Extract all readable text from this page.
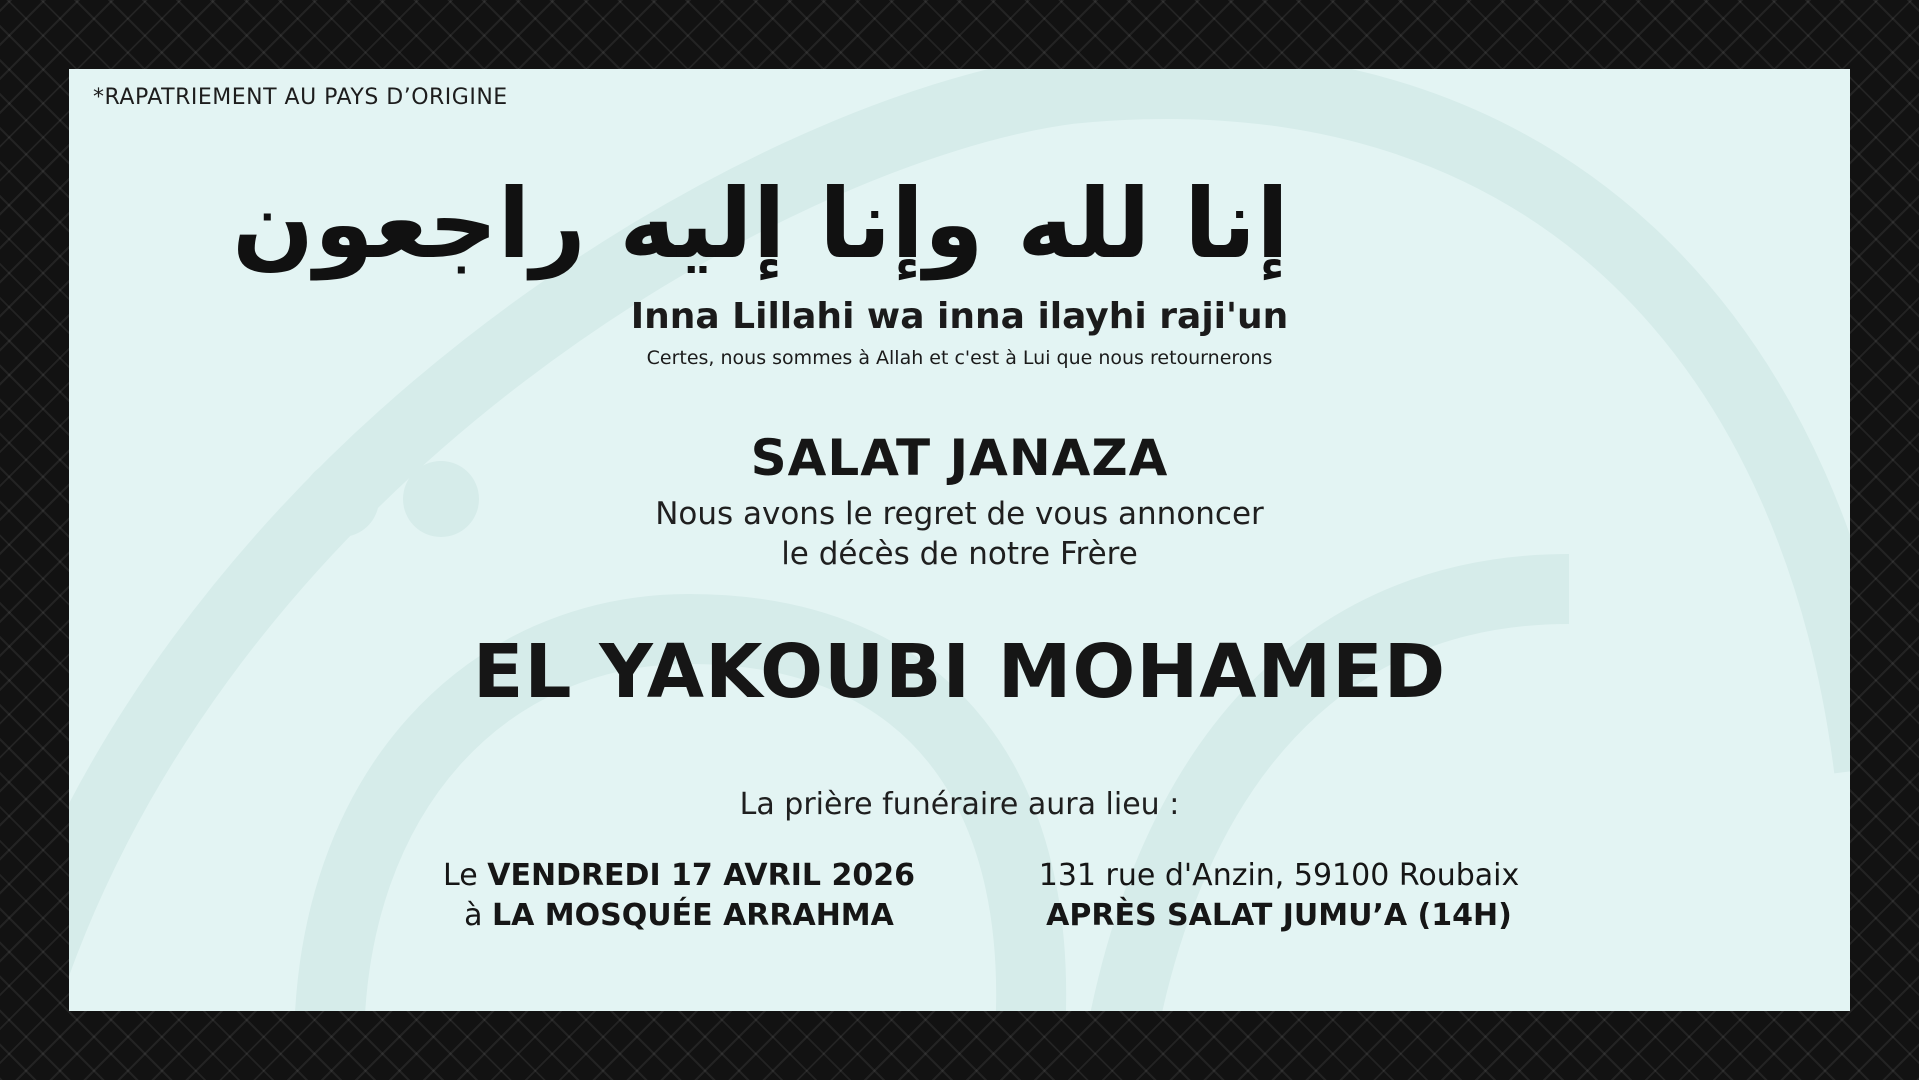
*RAPATRIEMENT AU PAYS D’ORIGINE
إنا لله وإنا إليه راجعون
Inna Lillahi wa inna ilayhi raji'un
Certes, nous sommes à Allah et c'est à Lui que nous retournerons
SALAT JANAZA
Nous avons le regret de vous annoncer
le décès de notre Frère
EL YAKOUBI MOHAMED
La prière funéraire aura lieu :
Le VENDREDI 17 AVRIL 2026
à LA MOSQUÉE ARRAHMA
131 rue d'Anzin, 59100 Roubaix
APRÈS SALAT JUMU’A (14H)
